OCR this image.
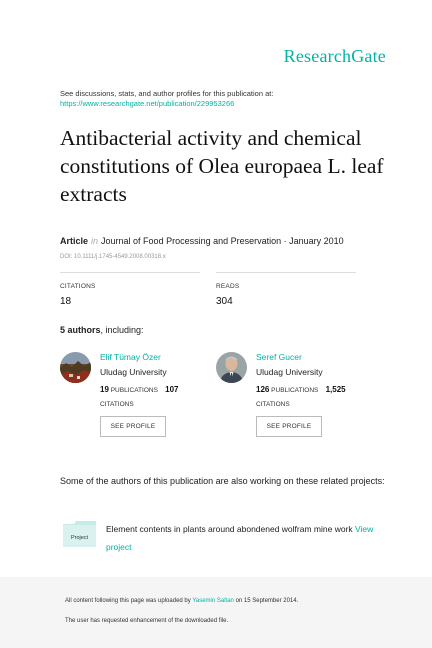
ResearchGate
See discussions, stats, and author profiles for this publication at:
https://www.researchgate.net/publication/229953266
Antibacterial activity and chemical constitutions of Olea europaea L. leaf extracts
Article in Journal of Food Processing and Preservation · January 2010
DOI: 10.1111/j.1745-4549.2008.00318.x
CITATIONS
18
READS
304
5 authors, including:
Elif Tümay Özer
Uludag University
19 PUBLICATIONS 107
CITATIONS
SEE PROFILE
Seref Gucer
Uludag University
126 PUBLICATIONS 1,525
CITATIONS
SEE PROFILE
Some of the authors of this publication are also working on these related projects:
Project
Element contents in plants around abondened wolfram mine work View project
All content following this page was uploaded by Yasemin Saltan on 15 September 2014.
The user has requested enhancement of the downloaded file.
